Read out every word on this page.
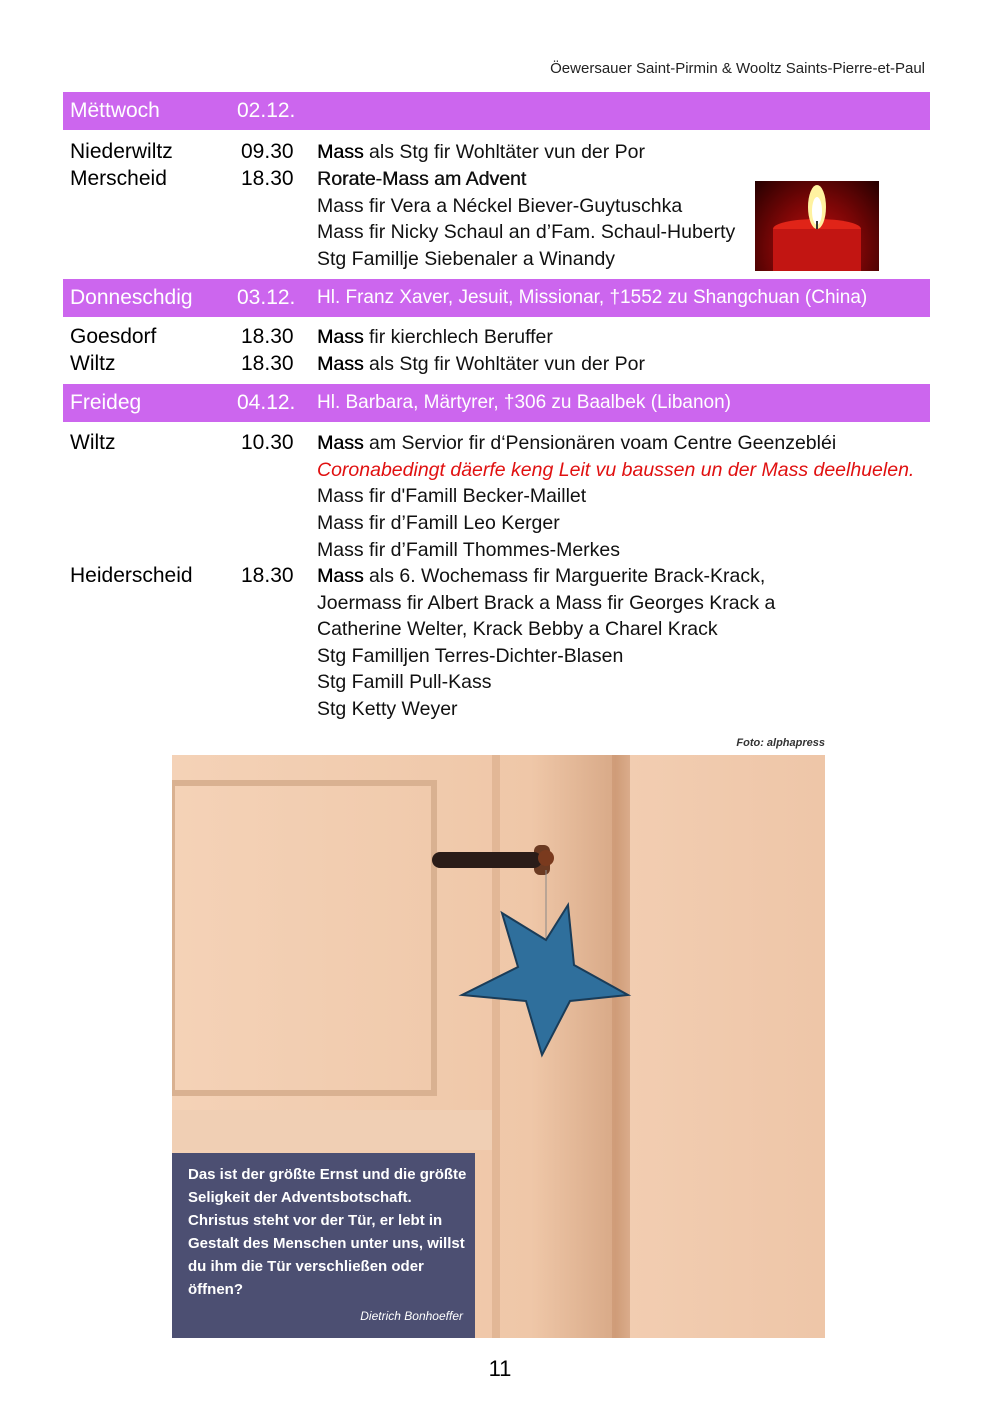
Öewersauer Saint-Pirmin & Wooltz Saints-Pierre-et-Paul
Mëttwoch	02.12.
Niederwiltz	09.30 Mass als Stg fir Wohltäter vun der Por
Merscheid	18.30 Rorate-Mass am Advent
Mass fir Vera a Néckel Biever-Guytuschka
Mass fir Nicky Schaul an d’Fam. Schaul-Huberty
Stg Famillje Siebenaler a Winandy
Donneschdig 03.12. Hl. Franz Xaver, Jesuit, Missionar, †1552 zu Shangchuan (China)
Goesdorf	18.30 Mass fir kierchlech Beruffer
Wiltz	18.30 Mass als Stg fir Wohltäter vun der Por
Freideg	04.12. Hl. Barbara, Märtyrer, †306 zu Baalbek (Libanon)
Wiltz	10.30 Mass am Servior fir d‘Pensionären voam Centre Geenzebléi
Coronabedingt däerfe keng Leit vu baussen un der Mass deelhuelen.
Mass fir d'Famill Becker-Maillet
Mass fir d’Famill Leo Kerger
Mass fir d’Famill Thommes-Merkes
Heiderscheid 18.30 Mass als 6. Wochemass fir Marguerite Brack-Krack,
Joermass fir Albert Brack a Mass fir Georges Krack a
Catherine Welter, Krack Bebby a Charel Krack
Stg Familljen Terres-Dichter-Blasen
Stg Famill Pull-Kass
Stg Ketty Weyer
Foto: alphapress
Das ist der größte Ernst und die größte Seligkeit der Adventsbotschaft. Christus steht vor der Tür, er lebt in Gestalt des Menschen unter uns, willst du ihm die Tür verschließen oder öffnen?
Dietrich Bonhoeffer
11
